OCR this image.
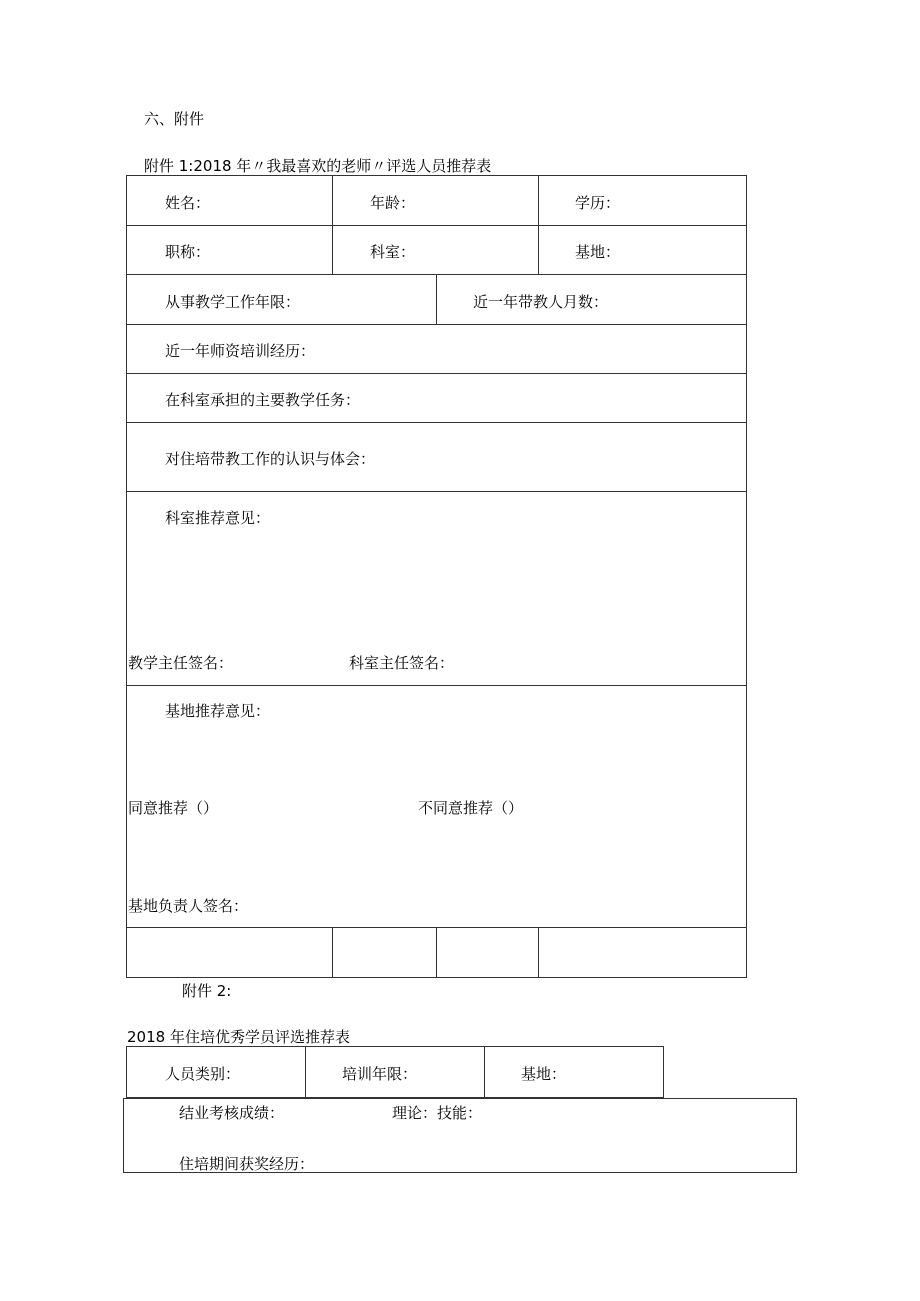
六、附件
附件 1:2018 年〃我最喜欢的老师〃评选人员推荐表
姓名：	年龄：	学历：
职称：	科室：	基地：
从事教学工作年限：	近一年带教人月数：
近一年师资培训经历：
在科室承担的主要教学任务：
对住培带教工作的认识与体会：
科室推荐意见：
教学主任签名：	科室主任签名：
基地推荐意见：
同意推荐（）	不同意推荐（）
基地负责人签名：
附件 2:
2018 年住培优秀学员评选推荐表
人员类别：	培训年限：	基地：
结业考核成绩：	理论：技能：
住培期间获奖经历：
